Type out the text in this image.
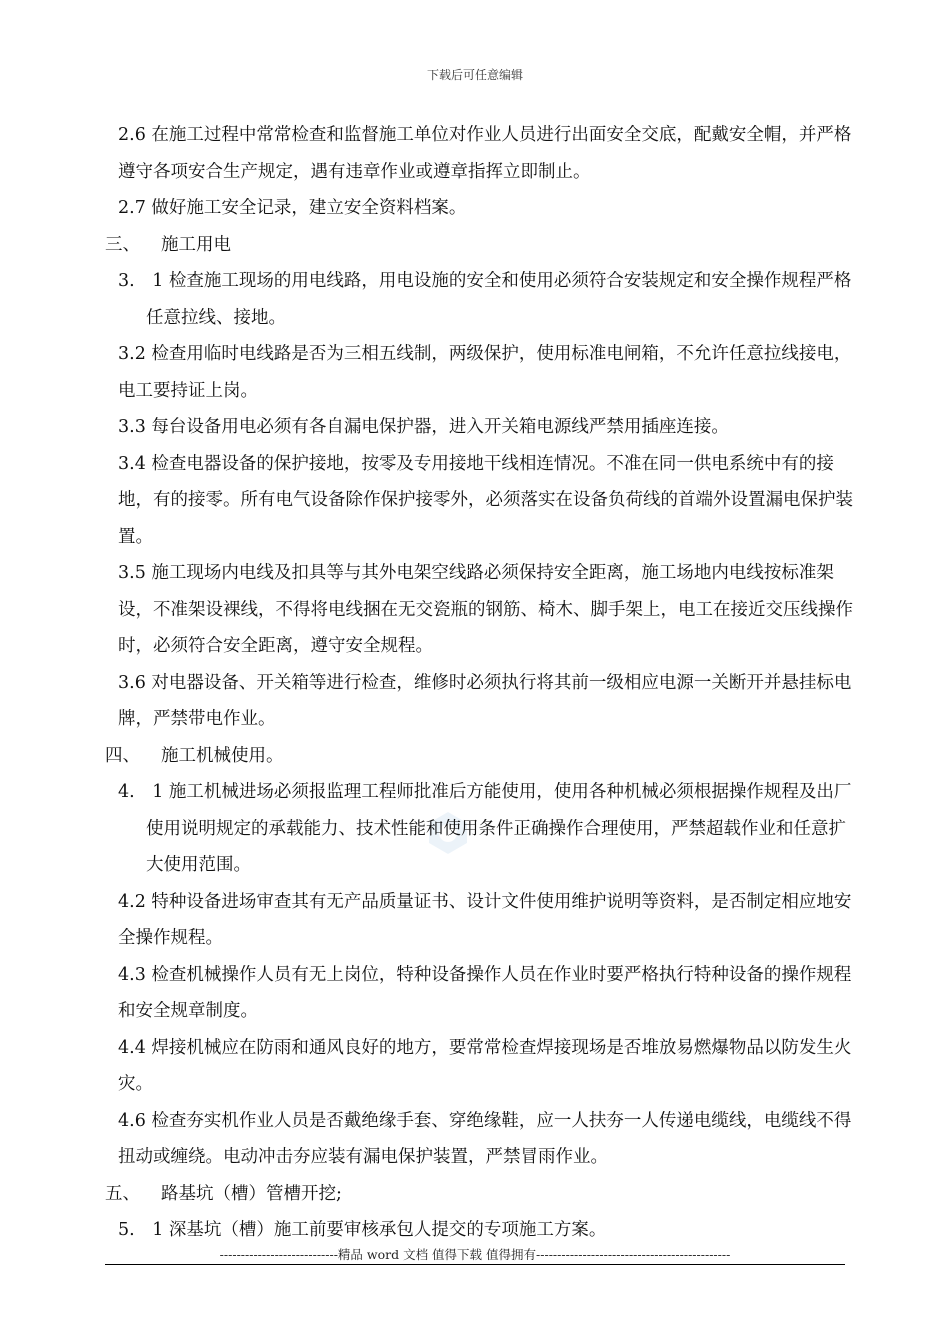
下载后可任意编辑

2.6 在施工过程中常常检查和监督施工单位对作业人员进行出面安全交底，配戴安全帽，并严格遵守各项安合生产规定，遇有违章作业或遵章指挥立即制止。

2.7 做好施工安全记录，建立安全资料档案。

三、 施工用电

3.　1 检查施工现场的用电线路，用电设施的安全和使用必须符合安装规定和安全操作规程严格任意拉线、接地。

3.2 检查用临时电线路是否为三相五线制，两级保护，使用标准电闸箱，不允许任意拉线接电，电工要持证上岗。

3.3 每台设备用电必须有各自漏电保护器，进入开关箱电源线严禁用插座连接。

3.4 检查电器设备的保护接地，按零及专用接地干线相连情况。不准在同一供电系统中有的接地，有的接零。所有电气设备除作保护接零外，必须落实在设备负荷线的首端外设置漏电保护装置。

3.5 施工现场内电线及扣具等与其外电架空线路必须保持安全距离，施工场地内电线按标准架设，不准架设裸线，不得将电线捆在无交瓷瓶的钢筋、椅木、脚手架上，电工在接近交压线操作时，必须符合安全距离，遵守安全规程。

3.6 对电器设备、开关箱等进行检查，维修时必须执行将其前一级相应电源一关断开并悬挂标电牌，严禁带电作业。

四、 施工机械使用。

4.　1 施工机械进场必须报监理工程师批准后方能使用，使用各种机械必须根据操作规程及出厂使用说明规定的承载能力、技术性能和使用条件正确操作合理使用，严禁超载作业和任意扩大使用范围。

4.2 特种设备进场审查其有无产品质量证书、设计文件使用维护说明等资料，是否制定相应地安全操作规程。

4.3 检查机械操作人员有无上岗位，特种设备操作人员在作业时要严格执行特种设备的操作规程和安全规章制度。

4.4 焊接机械应在防雨和通风良好的地方，要常常检查焊接现场是否堆放易燃爆物品以防发生火灾。

4.6 检查夯实机作业人员是否戴绝缘手套、穿绝缘鞋，应一人扶夯一人传递电缆线，电缆线不得扭动或缠绕。电动冲击夯应装有漏电保护装置，严禁冒雨作业。

五、 路基坑（槽）管槽开挖;

5.　1 深基坑（槽）施工前要审核承包人提交的专项施工方案。

----------------------------精品 word 文档 值得下载 值得拥有----------------------------------------------
